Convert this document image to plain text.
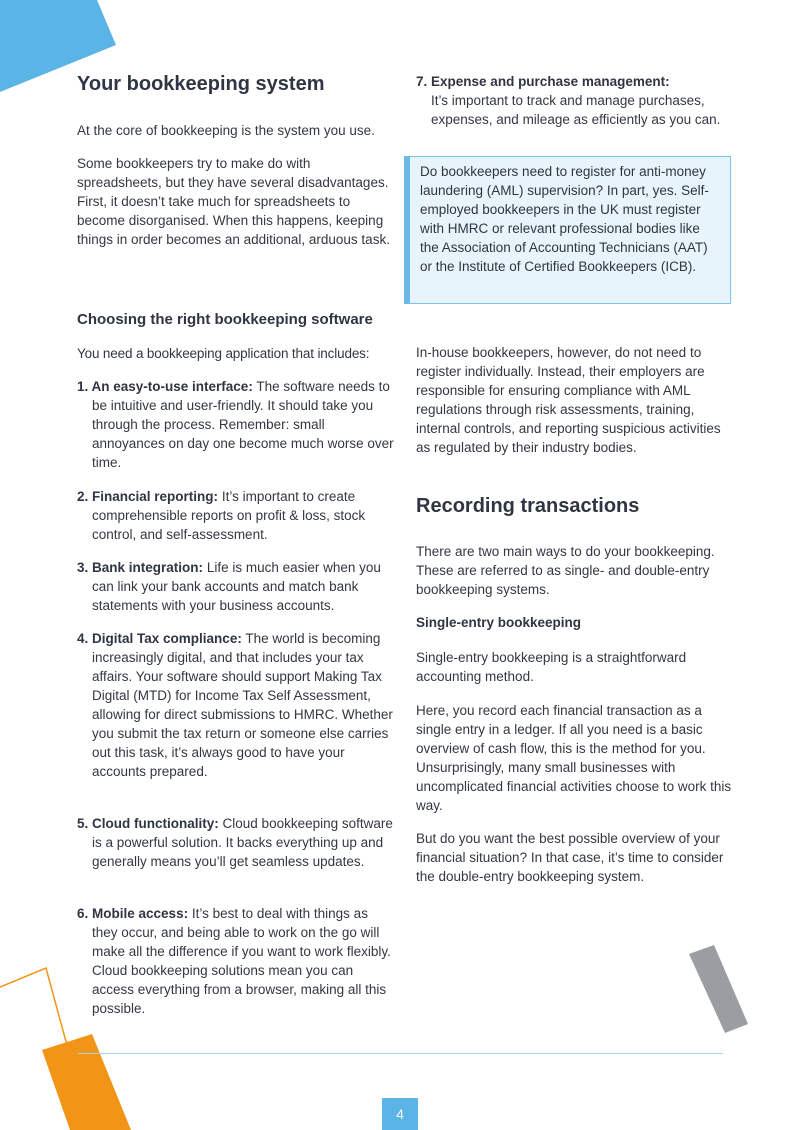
Your bookkeeping system

At the core of bookkeeping is the system you use.

Some bookkeepers try to make do with spreadsheets, but they have several disadvantages. First, it doesn’t take much for spreadsheets to become disorganised. When this happens, keeping things in order becomes an additional, arduous task.

Choosing the right bookkeeping software

You need a bookkeeping application that includes:

1. An easy-to-use interface: The software needs to be intuitive and user-friendly. It should take you through the process. Remember: small annoyances on day one become much worse over time.
2. Financial reporting: It’s important to create comprehensible reports on profit & loss, stock control, and self-assessment.
3. Bank integration: Life is much easier when you can link your bank accounts and match bank statements with your business accounts.
4. Digital Tax compliance: The world is becoming increasingly digital, and that includes your tax affairs. Your software should support Making Tax Digital (MTD) for Income Tax Self Assessment, allowing for direct submissions to HMRC. Whether you submit the tax return or someone else carries out this task, it’s always good to have your accounts prepared.
5. Cloud functionality: Cloud bookkeeping software is a powerful solution. It backs everything up and generally means you’ll get seamless updates.
6. Mobile access: It’s best to deal with things as they occur, and being able to work on the go will make all the difference if you want to work flexibly. Cloud bookkeeping solutions mean you can access everything from a browser, making all this possible.
7. Expense and purchase management:
It’s important to track and manage purchases, expenses, and mileage as efficiently as you can.

In-house bookkeepers, however, do not need to register individually. Instead, their employers are responsible for ensuring compliance with AML regulations through risk assessments, training, internal controls, and reporting suspicious activities as regulated by their industry bodies.

Recording transactions

There are two main ways to do your bookkeeping. These are referred to as single- and double-entry bookkeeping systems.

Single-entry bookkeeping

Single-entry bookkeeping is a straightforward accounting method.

Here, you record each financial transaction as a single entry in a ledger. If all you need is a basic overview of cash flow, this is the method for you. Unsurprisingly, many small businesses with uncomplicated financial activities choose to work this way.

But do you want the best possible overview of your financial situation? In that case, it’s time to consider the double-entry bookkeeping system.

Do bookkeepers need to register for anti-money laundering (AML) supervision? In part, yes. Self-employed bookkeepers in the UK must register with HMRC or relevant professional bodies like the Association of Accounting Technicians (AAT) or the Institute of Certified Bookkeepers (ICB).

4
